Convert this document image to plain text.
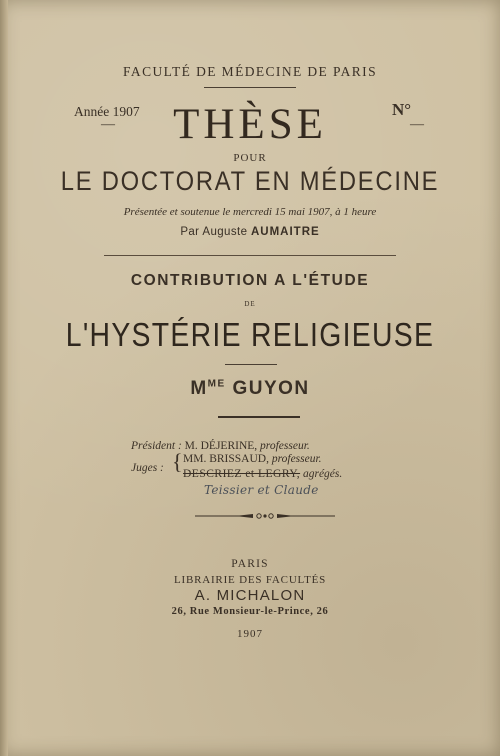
FACULTÉ DE MÉDECINE DE PARIS
Année 1907
—
N°
—
THÈSE
POUR
LE DOCTORAT EN MÉDECINE
Présentée et soutenue le mercredi 15 mai 1907, à 1 heure
Par Auguste AUMAITRE
CONTRIBUTION A L'ÉTUDE
DE
L'HYSTÉRIE RELIGIEUSE
$M^{ME}$ GUYON
Président : M. DÉJERINE, professeur.
Juges : { MM. BRISSAUD, professeur.
DESCRIEZ et LEGRY, agrégés.
Teissier et Claude
PARIS
LIBRAIRIE DES FACULTÉS
A. MICHALON
26, Rue Monsieur-le-Prince, 26
1907
